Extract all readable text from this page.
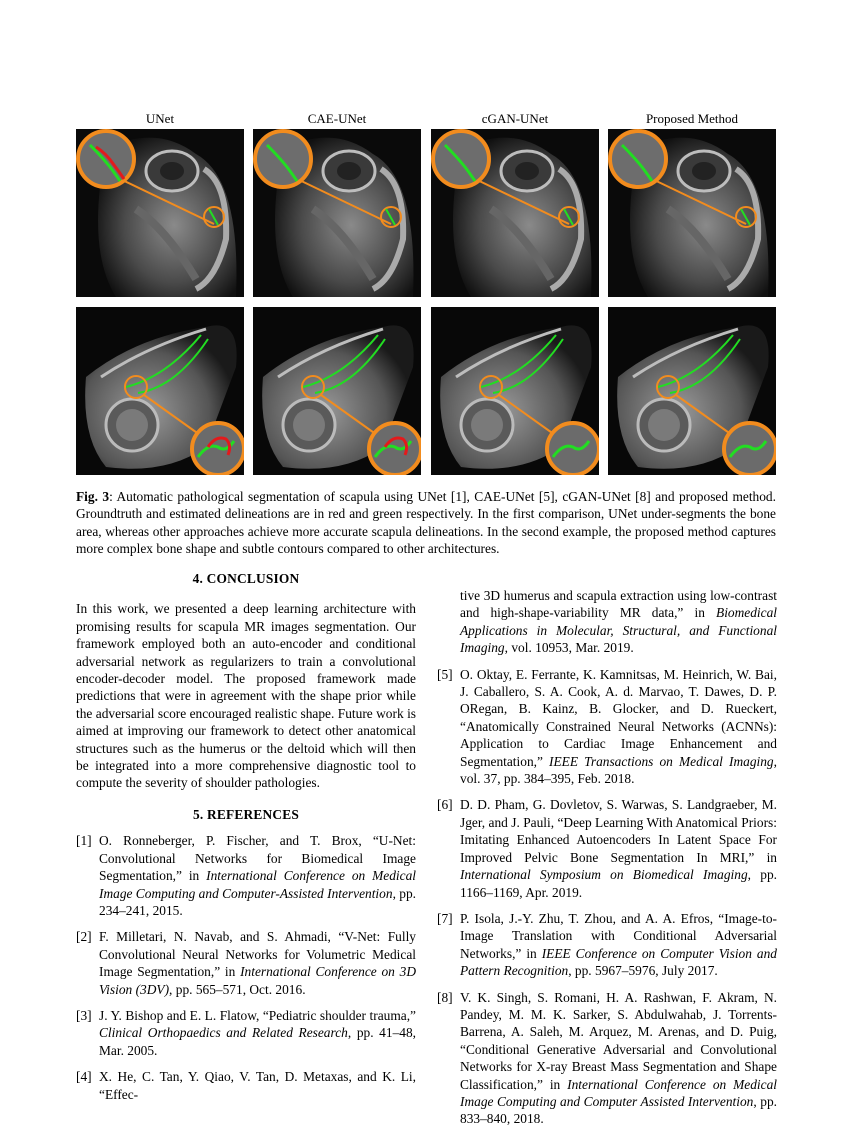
UNet	CAE-UNet	cGAN-UNet	Proposed Method
Fig. 3: Automatic pathological segmentation of scapula using UNet [1], CAE-UNet [5], cGAN-UNet [8] and proposed method. Groundtruth and estimated delineations are in red and green respectively. In the first comparison, UNet under-segments the bone area, whereas other approaches achieve more accurate scapula delineations. In the second example, the proposed method captures more complex bone shape and subtle contours compared to other architectures.
4. CONCLUSION
In this work, we presented a deep learning architecture with promising results for scapula MR images segmentation. Our framework employed both an auto-encoder and conditional adversarial network as regularizers to train a convolutional encoder-decoder model. The proposed framework made predictions that were in agreement with the shape prior while the adversarial score encouraged realistic shape. Future work is aimed at improving our framework to detect other anatomical structures such as the humerus or the deltoid which will then be integrated into a more comprehensive diagnostic tool to compute the severity of shoulder pathologies.
5. REFERENCES
[1] O. Ronneberger, P. Fischer, and T. Brox, “U-Net: Convolutional Networks for Biomedical Image Segmentation,” in International Conference on Medical Image Computing and Computer-Assisted Intervention, pp. 234–241, 2015.
[2] F. Milletari, N. Navab, and S. Ahmadi, “V-Net: Fully Convolutional Neural Networks for Volumetric Medical Image Segmentation,” in International Conference on 3D Vision (3DV), pp. 565–571, Oct. 2016.
[3] J. Y. Bishop and E. L. Flatow, “Pediatric shoulder trauma,” Clinical Orthopaedics and Related Research, pp. 41–48, Mar. 2005.
[4] X. He, C. Tan, Y. Qiao, V. Tan, D. Metaxas, and K. Li, “Effec-
tive 3D humerus and scapula extraction using low-contrast and high-shape-variability MR data,” in Biomedical Applications in Molecular, Structural, and Functional Imaging, vol. 10953, Mar. 2019.
[5] O. Oktay, E. Ferrante, K. Kamnitsas, M. Heinrich, W. Bai, J. Caballero, S. A. Cook, A. d. Marvao, T. Dawes, D. P. ORegan, B. Kainz, B. Glocker, and D. Rueckert, “Anatomically Constrained Neural Networks (ACNNs): Application to Cardiac Image Enhancement and Segmentation,” IEEE Transactions on Medical Imaging, vol. 37, pp. 384–395, Feb. 2018.
[6] D. D. Pham, G. Dovletov, S. Warwas, S. Landgraeber, M. Jger, and J. Pauli, “Deep Learning With Anatomical Priors: Imitating Enhanced Autoencoders In Latent Space For Improved Pelvic Bone Segmentation In MRI,” in International Symposium on Biomedical Imaging, pp. 1166–1169, Apr. 2019.
[7] P. Isola, J.-Y. Zhu, T. Zhou, and A. A. Efros, “Image-to-Image Translation with Conditional Adversarial Networks,” in IEEE Conference on Computer Vision and Pattern Recognition, pp. 5967–5976, July 2017.
[8] V. K. Singh, S. Romani, H. A. Rashwan, F. Akram, N. Pandey, M. M. K. Sarker, S. Abdulwahab, J. Torrents-Barrena, A. Saleh, M. Arquez, M. Arenas, and D. Puig, “Conditional Generative Adversarial and Convolutional Networks for X-ray Breast Mass Segmentation and Shape Classification,” in International Conference on Medical Image Computing and Computer Assisted Intervention, pp. 833–840, 2018.
